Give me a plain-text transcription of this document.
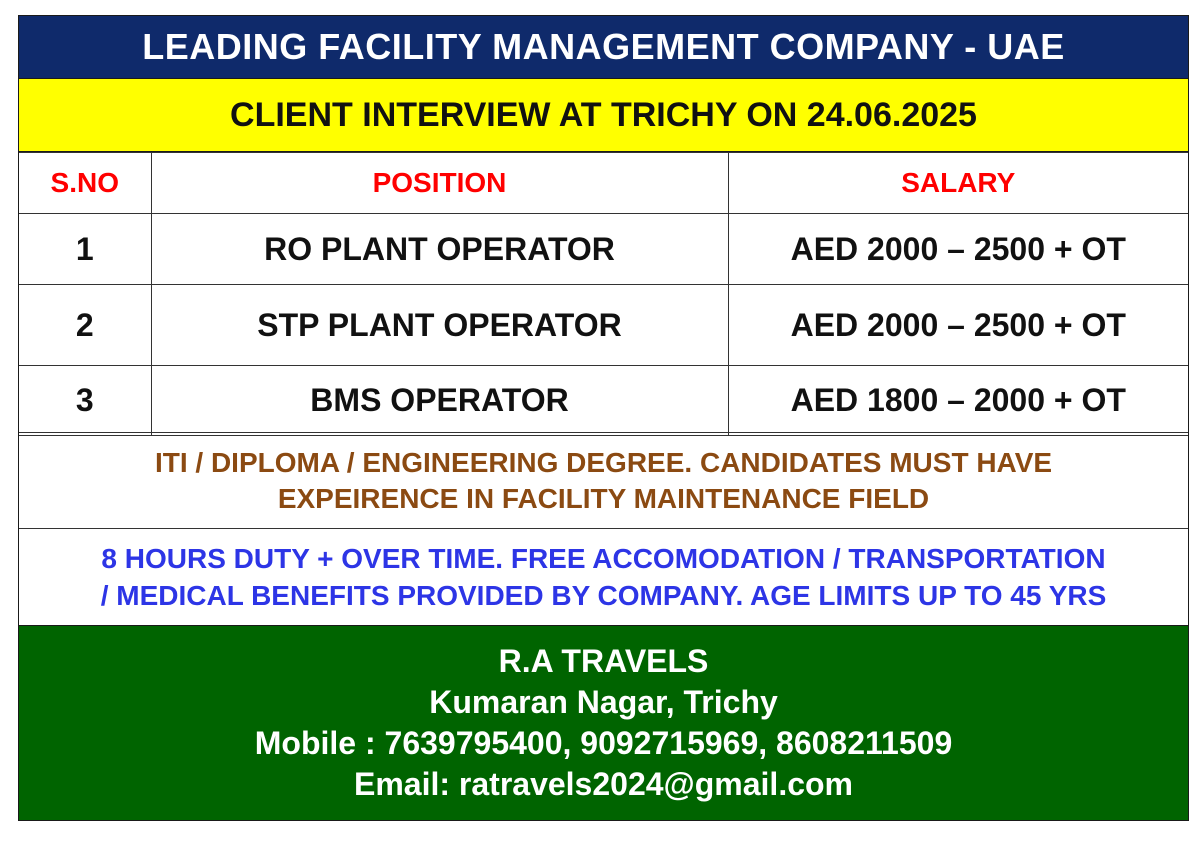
LEADING FACILITY MANAGEMENT COMPANY - UAE
CLIENT INTERVIEW AT TRICHY ON 24.06.2025
S.NO	POSITION	SALARY
1	RO PLANT OPERATOR	AED 2000 – 2500 + OT
2	STP PLANT OPERATOR	AED 2000 – 2500 + OT
3	BMS OPERATOR	AED 1800 – 2000 + OT
ITI / DIPLOMA / ENGINEERING DEGREE. CANDIDATES MUST HAVE
EXPEIRENCE IN FACILITY MAINTENANCE FIELD
8 HOURS DUTY + OVER TIME. FREE ACCOMODATION / TRANSPORTATION
/ MEDICAL BENEFITS PROVIDED BY COMPANY. AGE LIMITS UP TO 45 YRS
R.A TRAVELS
Kumaran Nagar, Trichy
Mobile : 7639795400, 9092715969, 8608211509
Email: ratravels2024@gmail.com
